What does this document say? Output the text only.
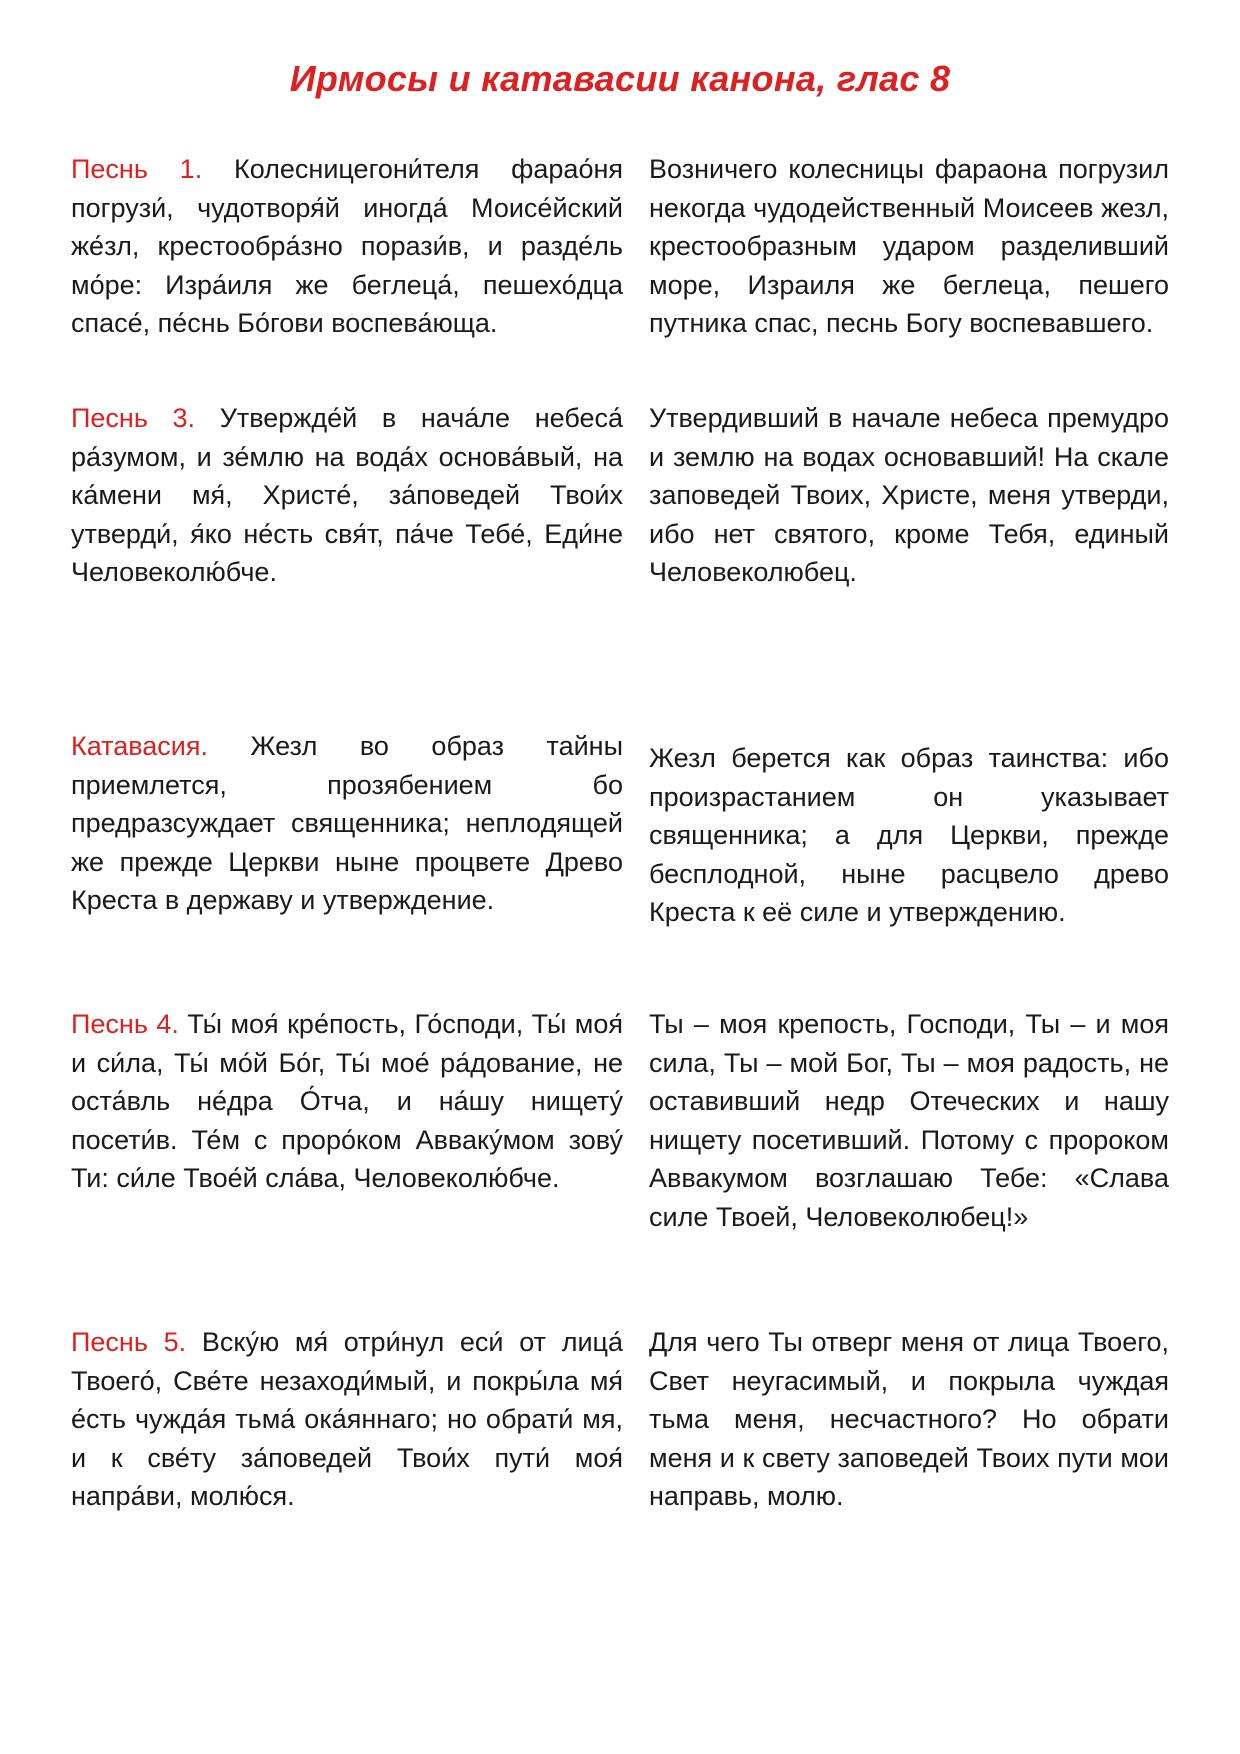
Ирмосы и катавасии канона, глас 8

Песнь 1. Колесницегони́теля фарао́ня погрузи́, чудотворя́й иногда́ Моисе́йский же́зл, крестообра́зно порази́в, и разде́ль мо́ре: Изра́иля же беглеца́, пешехо́дца спасе́, пе́снь Бо́гови воспева́юща.

Возничего колесницы фараона погрузил некогда чудодейственный Моисеев жезл, крестообразным ударом разделивший море, Израиля же беглеца, пешего путника спас, песнь Богу воспевавшего.

Песнь 3. Утвержде́й в нача́ле небеса́ ра́зумом, и зе́млю на вода́х основа́вый, на ка́мени мя́, Христе́, за́поведей Твои́х утверди́, я́ко не́сть свя́т, па́че Тебе́, Еди́не Человеколю́бче.

Утвердивший в начале небеса премудро и землю на водах основавший! На скале заповедей Твоих, Христе, меня утверди, ибо нет святого, кроме Тебя, единый Человеколюбец.

Катавасия. Жезл во образ тайны приемлется, прозябением бо предразсуждает священника; неплодящей же прежде Церкви ныне процвете Древо Креста в державу и утверждение.

Жезл берется как образ таинства: ибо произрастанием он указывает священника; а для Церкви, прежде бесплодной, ныне расцвело древо Креста к её силе и утверждению.

Песнь 4. Ты́ моя́ кре́пость, Го́споди, Ты́ моя́ и си́ла, Ты́ мо́й Бо́г, Ты́ мое́ ра́дование, не оста́вль не́дра О́тча, и на́шу нищету́ посети́в. Те́м с проро́ком Авваку́мом зову́ Ти: си́ле Твое́й сла́ва, Человеколю́бче.

Ты – моя крепость, Господи, Ты – и моя сила, Ты – мой Бог, Ты – моя радость, не оставивший недр Отеческих и нашу нищету посетивший. Потому с пророком Аввакумом возглашаю Тебе: «Слава силе Твоей, Человеколюбец!»

Песнь 5. Вску́ю мя́ отри́нул еси́ от лица́ Твоего́, Све́те незаходи́мый, и покры́ла мя́ е́сть чужда́я тьма́ ока́яннаго; но обрати́ мя, и к све́ту за́поведей Твои́х пути́ моя́ напра́ви, молю́ся.

Для чего Ты отверг меня от лица Твоего, Свет неугасимый, и покрыла чуждая тьма меня, несчастного? Но обрати меня и к свету заповедей Твоих пути мои направь, молю.
